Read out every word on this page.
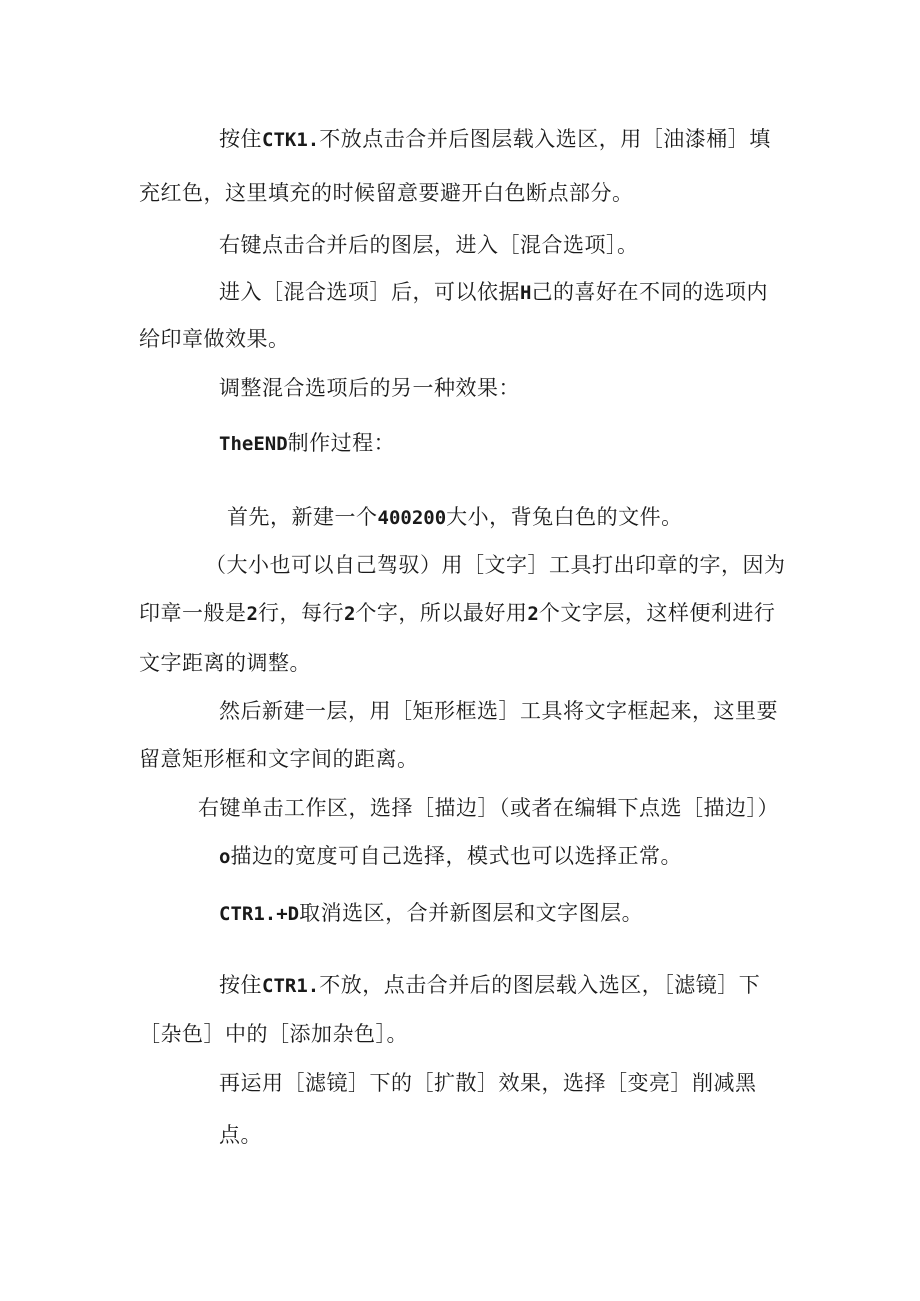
按住CTK1.不放点击合并后图层载入选区，用［油漆桶］填
充红色，这里填充的时候留意要避开白色断点部分。
右键点击合并后的图层，进入［混合选项］。
进入［混合选项］后，可以依据H己的喜好在不同的选项内
给印章做效果。
调整混合选项后的另一种效果：
TheEND制作过程：
首先，新建一个400200大小，背兔白色的文件。
（大小也可以自己驾驭）用［文字］工具打出印章的字，因为
印章一般是2行，每行2个字，所以最好用2个文字层，这样便利进行
文字距离的调整。
然后新建一层，用［矩形框选］工具将文字框起来，这里要
留意矩形框和文字间的距离。
右键单击工作区，选择［描边］（或者在编辑下点选［描边］）
o描边的宽度可自己选择，模式也可以选择正常。
CTR1.+D取消选区，合并新图层和文字图层。
按住CTR1.不放，点击合并后的图层载入选区，［滤镜］下
［杂色］中的［添加杂色］。
再运用［滤镜］下的［扩散］效果，选择［变亮］削减黑
点。
